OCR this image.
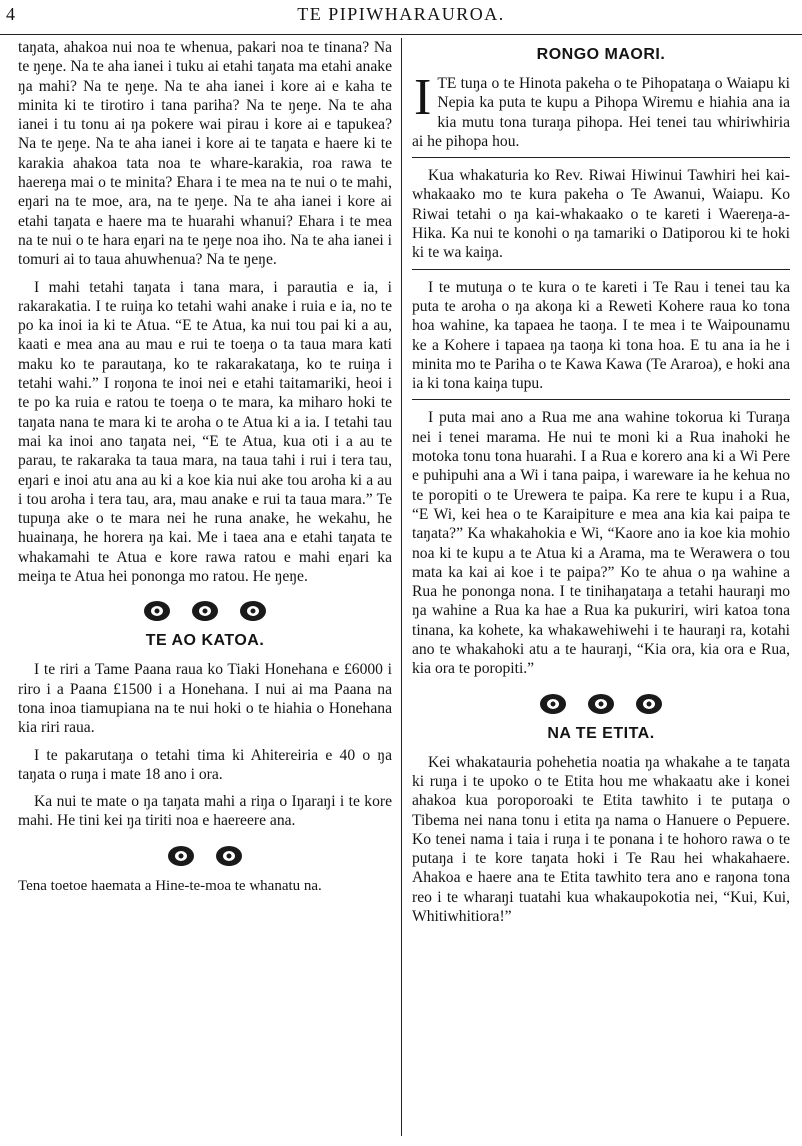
4	TE PIPIWHARAUROA.

taŋata, ahakoa nui noa te whenua, pakari noa te tinana? Na te ŋeŋe. Na te aha ianei i tuku ai etahi taŋata ma etahi anake ŋa mahi? Na te ŋeŋe. Na te aha ianei i kore ai e kaha te minita ki te tirotiro i tana pariha? Na te ŋeŋe. Na te aha ianei i tu tonu ai ŋa pokere wai pirau i kore ai e tapukea? Na te ŋeŋe. Na te aha ianei i kore ai te taŋata e haere ki te karakia ahakoa tata noa te whare-karakia, roa rawa te haereŋa mai o te minita? Ehara i te mea na te nui o te mahi, eŋari na te moe, ara, na te ŋeŋe. Na te aha ianei i kore ai etahi taŋata e haere ma te huarahi whanui? Ehara i te mea na te nui o te hara eŋari na te ŋeŋe noa iho. Na te aha ianei i tomuri ai to taua ahuwhenua? Na te ŋeŋe.

I mahi tetahi taŋata i tana mara, i parautia e ia, i rakarakatia. I te ruiŋa ko tetahi wahi anake i ruia e ia, no te po ka inoi ia ki te Atua. “E te Atua, ka nui tou pai ki a au, kaati e mea ana au mau e rui te toeŋa o ta taua mara kati maku ko te parautaŋa, ko te rakarakataŋa, ko te ruiŋa i tetahi wahi.” I roŋona te inoi nei e etahi taitamariki, heoi i te po ka ruia e ratou te toeŋa o te mara, ka miharo hoki te taŋata nana te mara ki te aroha o te Atua ki a ia. I tetahi tau mai ka inoi ano taŋata nei, “E te Atua, kua oti i a au te parau, te rakaraka ta taua mara, na taua tahi i rui i tera tau, eŋari e inoi atu ana au ki a koe kia nui ake tou aroha ki a au i tou aroha i tera tau, ara, mau anake e rui ta taua mara.” Te tupuŋa ake o te mara nei he runa anake, he wekahu, he huainaŋa, he horera ŋa kai. Me i taea ana e etahi taŋata te whakamahi te Atua e kore rawa ratou e mahi eŋari ka meiŋa te Atua hei pononga mo ratou. He ŋeŋe.

TE AO KATOA.

I te riri a Tame Paana raua ko Tiaki Honehana e £6000 i riro i a Paana £1500 i a Honehana. I nui ai ma Paana na tona inoa tiamupiana na te nui hoki o te hiahia o Honehana kia riri raua.

I te pakarutaŋa o tetahi tima ki Ahitereiria e 40 o ŋa taŋata o ruŋa i mate 18 ano i ora.

Ka nui te mate o ŋa taŋata mahi a riŋa o Iŋaraŋi i te kore mahi. He tini kei ŋa tiriti noa e haereere ana.

Tena toetoe haemata a Hine-te-moa te whanatu na.
RONGO MAORI.
I TE tuŋa o te Hinota pakeha o te Pihopataŋa o Waiapu ki Nepia ka puta te kupu a Pihopa Wiremu e hiahia ana ia kia mutu tona turaŋa pihopa. Hei tenei tau whiriwhiria ai he pihopa hou.

Kua whakaturia ko Rev. Riwai Hiwinui Tawhiri hei kai-whakaako mo te kura pakeha o Te Awanui, Waiapu. Ko Riwai tetahi o ŋa kai-whakaako o te kareti i Waereŋa-a-Hika. Ka nui te konohi o ŋa tamariki o Ŋatiporou ki te hoki ki te wa kaiŋa.

I te mutuŋa o te kura o te kareti i Te Rau i tenei tau ka puta te aroha o ŋa akoŋa ki a Reweti Kohere raua ko tona hoa wahine, ka tapaea he taoŋa. I te mea i te Waipounamu ke a Kohere i tapaea ŋa taoŋa ki tona hoa. E tu ana ia he i minita mo te Pariha o te Kawa Kawa (Te Araroa), e hoki ana ia ki tona kaiŋa tupu.

I puta mai ano a Rua me ana wahine tokorua ki Turaŋa nei i tenei marama. He nui te moni ki a Rua inahoki he motoka tonu tona huarahi. I a Rua e korero ana ki a Wi Pere e puhipuhi ana a Wi i tana paipa, i wareware ia he kehua no te poropiti o te Urewera te paipa. Ka rere te kupu i a Rua, “E Wi, kei hea o te Karaipiture e mea ana kia kai paipa te taŋata?” Ka whakahokia e Wi, “Kaore ano ia koe kia mohio noa ki te kupu a te Atua ki a Arama, ma te Werawera o tou mata ka kai ai koe i te paipa?” Ko te ahua o ŋa wahine a Rua he pononga nona. I te tinihaŋataŋa a tetahi hauraŋi mo ŋa wahine a Rua ka hae a Rua ka pukuriri, wiri katoa tona tinana, ka kohete, ka whakawehiwehi i te hauraŋi ra, kotahi ano te whakahoki atu a te hauraŋi, “Kia ora, kia ora e Rua, kia ora te poropiti.”

NA TE ETITA.

Kei whakatauria pohehetia noatia ŋa whakahe a te taŋata ki ruŋa i te upoko o te Etita hou me whakaatu ake i konei ahakoa kua poroporoaki te Etita tawhito i te putaŋa o Tibema nei nana tonu i etita ŋa nama o Hanuere o Pepuere. Ko tenei nama i taia i ruŋa i te ponana i te hohoro rawa o te putaŋa i te kore taŋata hoki i Te Rau hei whakahaere. Ahakoa e haere ana te Etita tawhito tera ano e raŋona tona reo i te wharaŋi tuatahi kua whakaupokotia nei, “Kui, Kui, Whitiwhitiora!”
